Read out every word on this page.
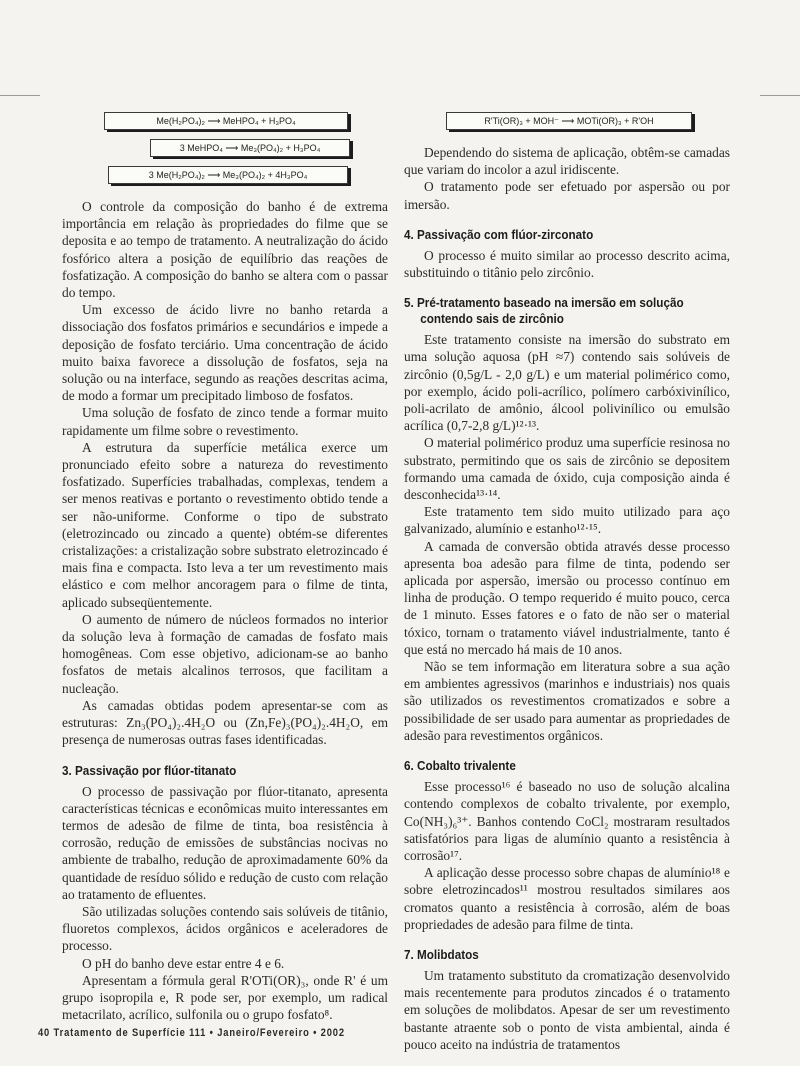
Me(H₂PO₄)₂ ⟶ MeHPO₄ + H₃PO₄
3 MeHPO₄ ⟶ Me₃(PO₄)₂ + H₃PO₄
3 Me(H₂PO₄)₂ ⟶ Me₃(PO₄)₂ + 4H₃PO₄

O controle da composição do banho é de extrema importância em relação às propriedades do filme que se deposita e ao tempo de tratamento. A neutralização do ácido fosfórico altera a posição de equilíbrio das reações de fosfatização. A composição do banho se altera com o passar do tempo.

Um excesso de ácido livre no banho retarda a dissociação dos fosfatos primários e secundários e impede a deposição de fosfato terciário. Uma concentração de ácido muito baixa favorece a dissolução de fosfatos, seja na solução ou na interface, segundo as reações descritas acima, de modo a formar um precipitado limboso de fosfatos.

Uma solução de fosfato de zinco tende a formar muito rapidamente um filme sobre o revestimento.

A estrutura da superfície metálica exerce um pronunciado efeito sobre a natureza do revestimento fosfatizado. Superfícies trabalhadas, complexas, tendem a ser menos reativas e portanto o revestimento obtido tende a ser não-uniforme. Conforme o tipo de substrato (eletrozincado ou zincado a quente) obtém-se diferentes cristalizações: a cristalização sobre substrato eletrozincado é mais fina e compacta. Isto leva a ter um revestimento mais elástico e com melhor ancoragem para o filme de tinta, aplicado subseqüentemente.

O aumento de número de núcleos formados no interior da solução leva à formação de camadas de fosfato mais homogêneas. Com esse objetivo, adicionam-se ao banho fosfatos de metais alcalinos terrosos, que facilitam a nucleação.

As camadas obtidas podem apresentar-se com as estruturas: Zn₃(PO₄)₂.4H₂O ou (Zn,Fe)₃(PO₄)₂.4H₂O, em presença de numerosas outras fases identificadas.

3. Passivação por flúor-titanato

O processo de passivação por flúor-titanato, apresenta características técnicas e econômicas muito interessantes em termos de adesão de filme de tinta, boa resistência à corrosão, redução de emissões de substâncias nocivas no ambiente de trabalho, redução de aproximadamente 60% da quantidade de resíduo sólido e redução de custo com relação ao tratamento de efluentes.

São utilizadas soluções contendo sais solúveis de titânio, fluoretos complexos, ácidos orgânicos e aceleradores de processo.

O pH do banho deve estar entre 4 e 6.

Apresentam a fórmula geral R'OTi(OR)₃, onde R' é um grupo isopropila e, R pode ser, por exemplo, um radical metacrilato, acrílico, sulfonila ou o grupo fosfato⁸.

R'Ti(OR)₃ + MOH⁻ ⟶ MOTi(OR)₃ + R'OH

Dependendo do sistema de aplicação, obtêm-se camadas que variam do incolor a azul iridiscente.

O tratamento pode ser efetuado por aspersão ou por imersão.

4. Passivação com flúor-zirconato

O processo é muito similar ao processo descrito acima, substituindo o titânio pelo zircônio.

5. Pré-tratamento baseado na imersão em solução
contendo sais de zircônio

Este tratamento consiste na imersão do substrato em uma solução aquosa (pH ≈7) contendo sais solúveis de zircônio (0,5g/L - 2,0 g/L) e um material polimérico como, por exemplo, ácido poli-acrílico, polímero carbóxivinílico, poli-acrilato de amônio, álcool polivinílico ou emulsão acrílica (0,7-2,8 g/L)¹²·¹³.

O material polimérico produz uma superfície resinosa no substrato, permitindo que os sais de zircônio se depositem formando uma camada de óxido, cuja composição ainda é desconhecida¹³·¹⁴.

Este tratamento tem sido muito utilizado para aço galvanizado, alumínio e estanho¹²·¹⁵.

A camada de conversão obtida através desse processo apresenta boa adesão para filme de tinta, podendo ser aplicada por aspersão, imersão ou processo contínuo em linha de produção. O tempo requerido é muito pouco, cerca de 1 minuto. Esses fatores e o fato de não ser o material tóxico, tornam o tratamento viável industrialmente, tanto é que está no mercado há mais de 10 anos.

Não se tem informação em literatura sobre a sua ação em ambientes agressivos (marinhos e industriais) nos quais são utilizados os revestimentos cromatizados e sobre a possibilidade de ser usado para aumentar as propriedades de adesão para revestimentos orgânicos.

6. Cobalto trivalente

Esse processo¹⁶ é baseado no uso de solução alcalina contendo complexos de cobalto trivalente, por exemplo, Co(NH₃)₆³⁺. Banhos contendo CoCl₂ mostraram resultados satisfatórios para ligas de alumínio quanto a resistência à corrosão¹⁷.

A aplicação desse processo sobre chapas de alumínio¹⁸ e sobre eletrozincados¹¹ mostrou resultados similares aos cromatos quanto a resistência à corrosão, além de boas propriedades de adesão para filme de tinta.

7. Molibdatos

Um tratamento substituto da cromatização desenvolvido mais recentemente para produtos zincados é o tratamento em soluções de molibdatos. Apesar de ser um revestimento bastante atraente sob o ponto de vista ambiental, ainda é pouco aceito na indústria de tratamentos

40 Tratamento de Superfície 111 • Janeiro/Fevereiro • 2002
